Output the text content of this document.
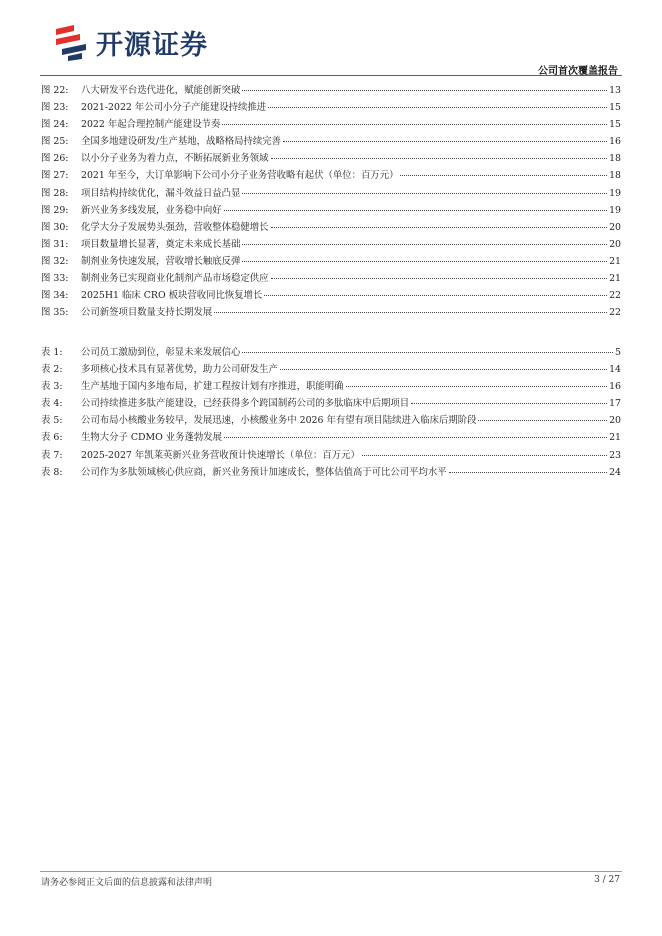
开源证券
公司首次覆盖报告
图 22:	八大研发平台迭代进化，赋能创新突破	13
图 23:	2021-2022 年公司小分子产能建设持续推进	15
图 24:	2022 年起合理控制产能建设节奏	15
图 25:	全国多地建设研发/生产基地，战略格局持续完善	16
图 26:	以小分子业务为着力点，不断拓展新业务领域	18
图 27:	2021 年至今，大订单影响下公司小分子业务营收略有起伏（单位：百万元）	18
图 28:	项目结构持续优化，漏斗效益日益凸显	19
图 29:	新兴业务多线发展，业务稳中向好	19
图 30:	化学大分子发展势头强劲，营收整体稳健增长	20
图 31:	项目数量增长显著，奠定未来成长基础	20
图 32:	制剂业务快速发展，营收增长触底反弹	21
图 33:	制剂业务已实现商业化制剂产品市场稳定供应	21
图 34:	2025H1 临床 CRO 板块营收同比恢复增长	22
图 35:	公司新签项目数量支持长期发展	22
表 1:	公司员工激励到位，彰显未来发展信心	5
表 2:	多项核心技术具有显著优势，助力公司研发生产	14
表 3:	生产基地于国内多地布局，扩建工程按计划有序推进，职能明确	16
表 4:	公司持续推进多肽产能建设，已经获得多个跨国制药公司的多肽临床中后期项目	17
表 5:	公司布局小核酸业务较早，发展迅速，小核酸业务中 2026 年有望有项目陆续进入临床后期阶段	20
表 6:	生物大分子 CDMO 业务蓬勃发展	21
表 7:	2025-2027 年凯莱英新兴业务营收预计快速增长（单位：百万元）	23
表 8:	公司作为多肽领域核心供应商，新兴业务预计加速成长，整体估值高于可比公司平均水平	24
请务必参阅正文后面的信息披露和法律声明	3 / 27
